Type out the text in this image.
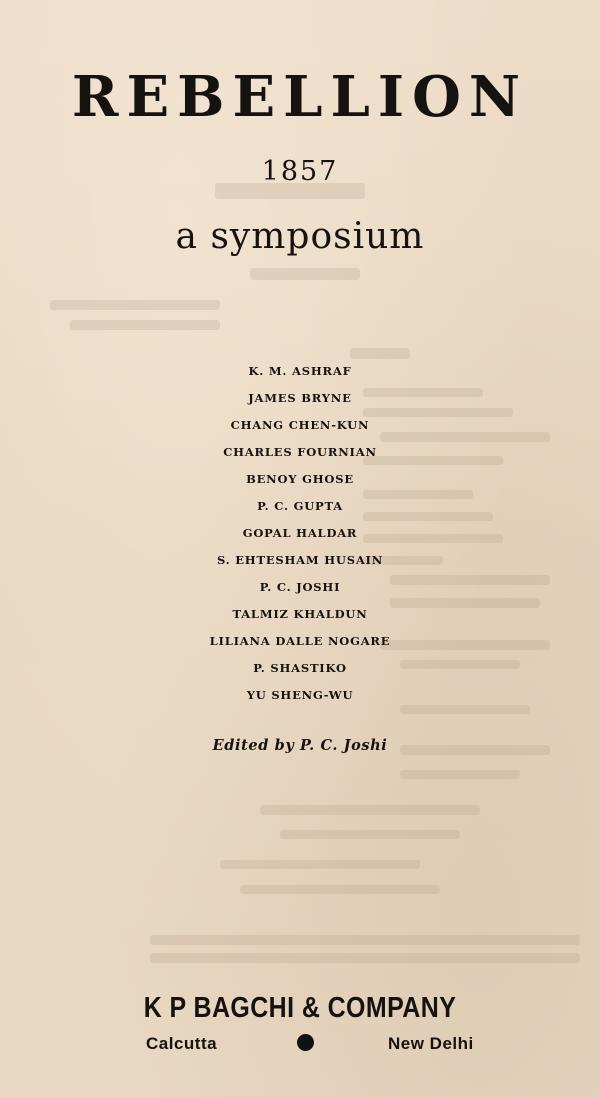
REBELLION
1857
a symposium
K. M. ASHRAF
JAMES BRYNE
CHANG CHEN-KUN
CHARLES FOURNIAN
BENOY GHOSE
P. C. GUPTA
GOPAL HALDAR
S. EHTESHAM HUSAIN
P. C. JOSHI
TALMIZ KHALDUN
LILIANA DALLE NOGARE
P. SHASTIKO
YU SHENG-WU
Edited by P. C. Joshi
K P BAGCHI & COMPANY
Calcutta	New Delhi
